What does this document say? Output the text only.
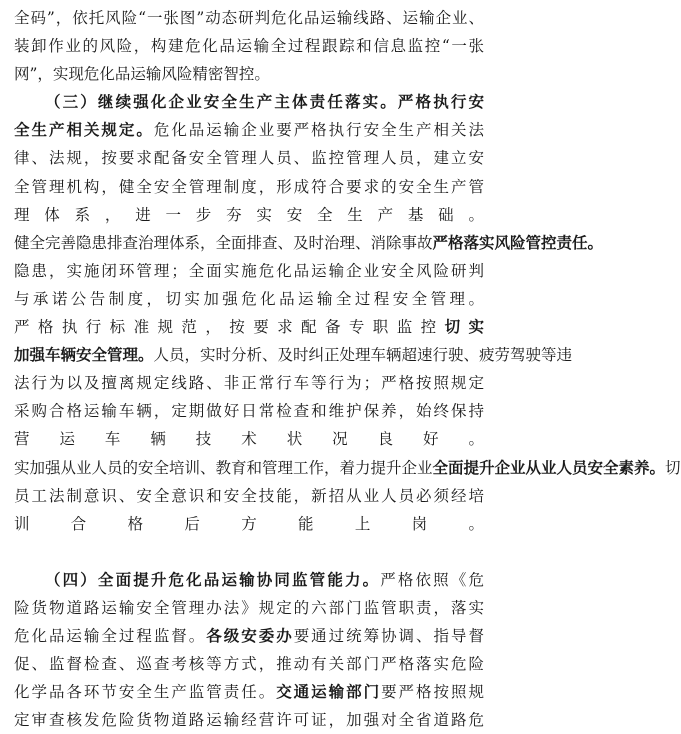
全码”，依托风险“一张图”动态研判危化品运输线路、运输企业、
装卸作业的风险，构建危化品运输全过程跟踪和信息监控“一张
网”，实现危化品运输风险精密智控。
（三）继续强化企业安全生产主体责任落实。严格执行安
全生产相关规定。危化品运输企业要严格执行安全生产相关法
律、法规，按要求配备安全管理人员、监控管理人员，建立安
全管理机构，健全安全管理制度，形成符合要求的安全生产管
理体系，进一步夯实安全生产基础。
健全完善隐患排查治理体系，全面排查、及时治理、消除事故严格落实风险管控责任。
隐患，实施闭环管理；全面实施危化品运输企业安全风险研判
与承诺公告制度，切实加强危化品运输全过程安全管理。
严格执行标准规范，按要求配备专职监控切实
加强车辆安全管理。人员，实时分析、及时纠正处理车辆超速行驶、疲劳驾驶等违
法行为以及擅离规定线路、非正常行车等行为；严格按照规定
采购合格运输车辆，定期做好日常检查和维护保养，始终保持
营运车辆技术状况良好。
实加强从业人员的安全培训、教育和管理工作，着力提升企业全面提升企业从业人员安全素养。切
员工法制意识、安全意识和安全技能，新招从业人员必须经培
训合格后方能上岗。
（四）全面提升危化品运输协同监管能力。严格依照《危
险货物道路运输安全管理办法》规定的六部门监管职责，落实
危化品运输全过程监督。各级安委办要通过统筹协调、指导督
促、监督检查、巡查考核等方式，推动有关部门严格落实危险
化学品各环节安全生产监管责任。交通运输部门要严格按照规
定审查核发危险货物道路运输经营许可证，加强对全省道路危
